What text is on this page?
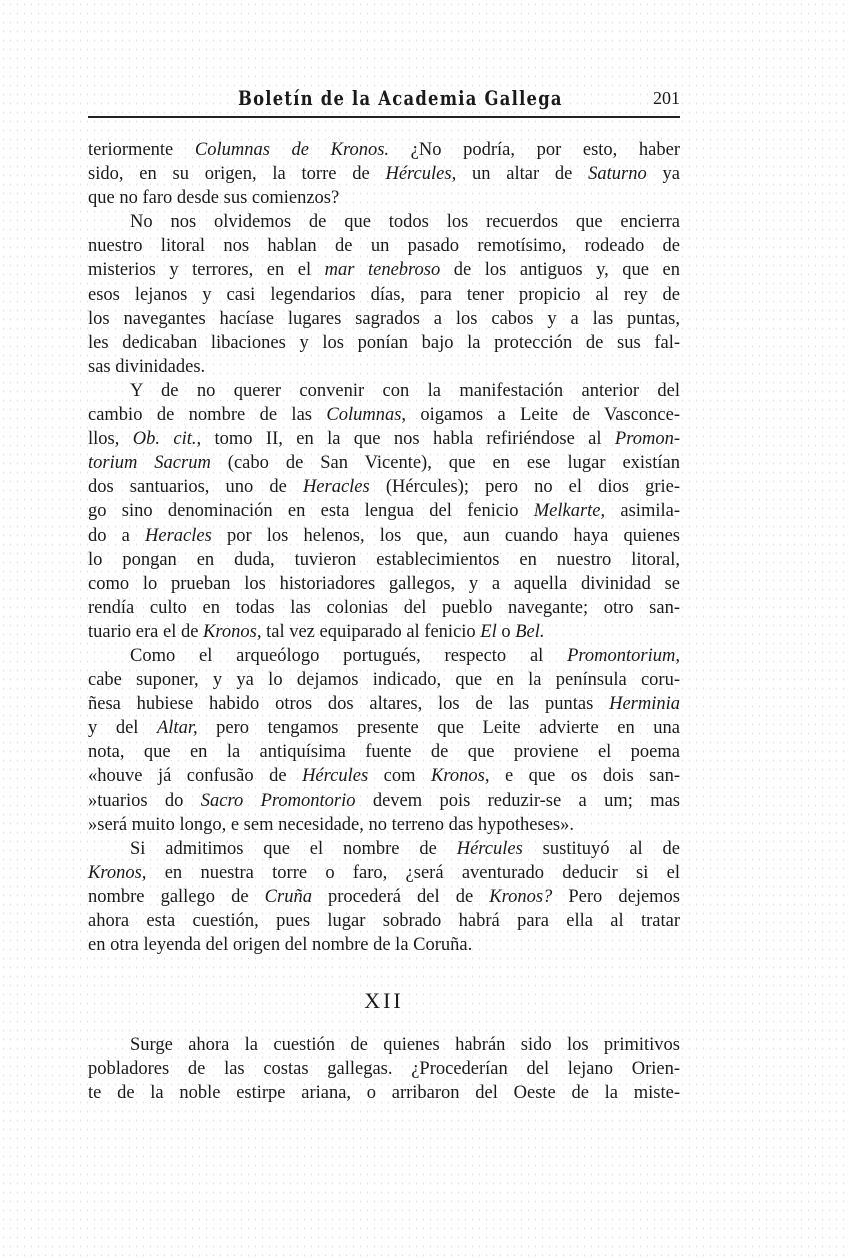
Boletín de la Academia Gallega	201
teriormente Columnas de Kronos. ¿No podría, por esto, haber
sido, en su origen, la torre de Hércules, un altar de Saturno ya
que no faro desde sus comienzos?
No nos olvidemos de que todos los recuerdos que encierra
nuestro litoral nos hablan de un pasado remotísimo, rodeado de
misterios y terrores, en el mar tenebroso de los antiguos y, que en
esos lejanos y casi legendarios días, para tener propicio al rey de
los navegantes hacíase lugares sagrados a los cabos y a las puntas,
les dedicaban libaciones y los ponían bajo la protección de sus fal-
sas divinidades.
Y de no querer convenir con la manifestación anterior del
cambio de nombre de las Columnas, oigamos a Leite de Vasconce-
llos, Ob. cit., tomo II, en la que nos habla refiriéndose al Promon-
torium Sacrum (cabo de San Vicente), que en ese lugar existían
dos santuarios, uno de Heracles (Hércules); pero no el dios grie-
go sino denominación en esta lengua del fenicio Melkarte, asimila-
do a Heracles por los helenos, los que, aun cuando haya quienes
lo pongan en duda, tuvieron establecimientos en nuestro litoral,
como lo prueban los historiadores gallegos, y a aquella divinidad se
rendía culto en todas las colonias del pueblo navegante; otro san-
tuario era el de Kronos, tal vez equiparado al fenicio El o Bel.
Como el arqueólogo portugués, respecto al Promontorium,
cabe suponer, y ya lo dejamos indicado, que en la península coru-
ñesa hubiese habido otros dos altares, los de las puntas Herminia
y del Altar, pero tengamos presente que Leite advierte en una
nota, que en la antiquísima fuente de que proviene el poema
«houve já confusão de Hércules com Kronos, e que os dois san-
»tuarios do Sacro Promontorio devem pois reduzir-se a um; mas
»será muito longo, e sem necesidade, no terreno das hypotheses».
Si admitimos que el nombre de Hércules sustituyó al de
Kronos, en nuestra torre o faro, ¿será aventurado deducir si el
nombre gallego de Cruña procederá del de Kronos? Pero dejemos
ahora esta cuestión, pues lugar sobrado habrá para ella al tratar
en otra leyenda del origen del nombre de la Coruña.
XII
Surge ahora la cuestión de quienes habrán sido los primitivos
pobladores de las costas gallegas. ¿Procederían del lejano Orien-
te de la noble estirpe ariana, o arribaron del Oeste de la miste-
